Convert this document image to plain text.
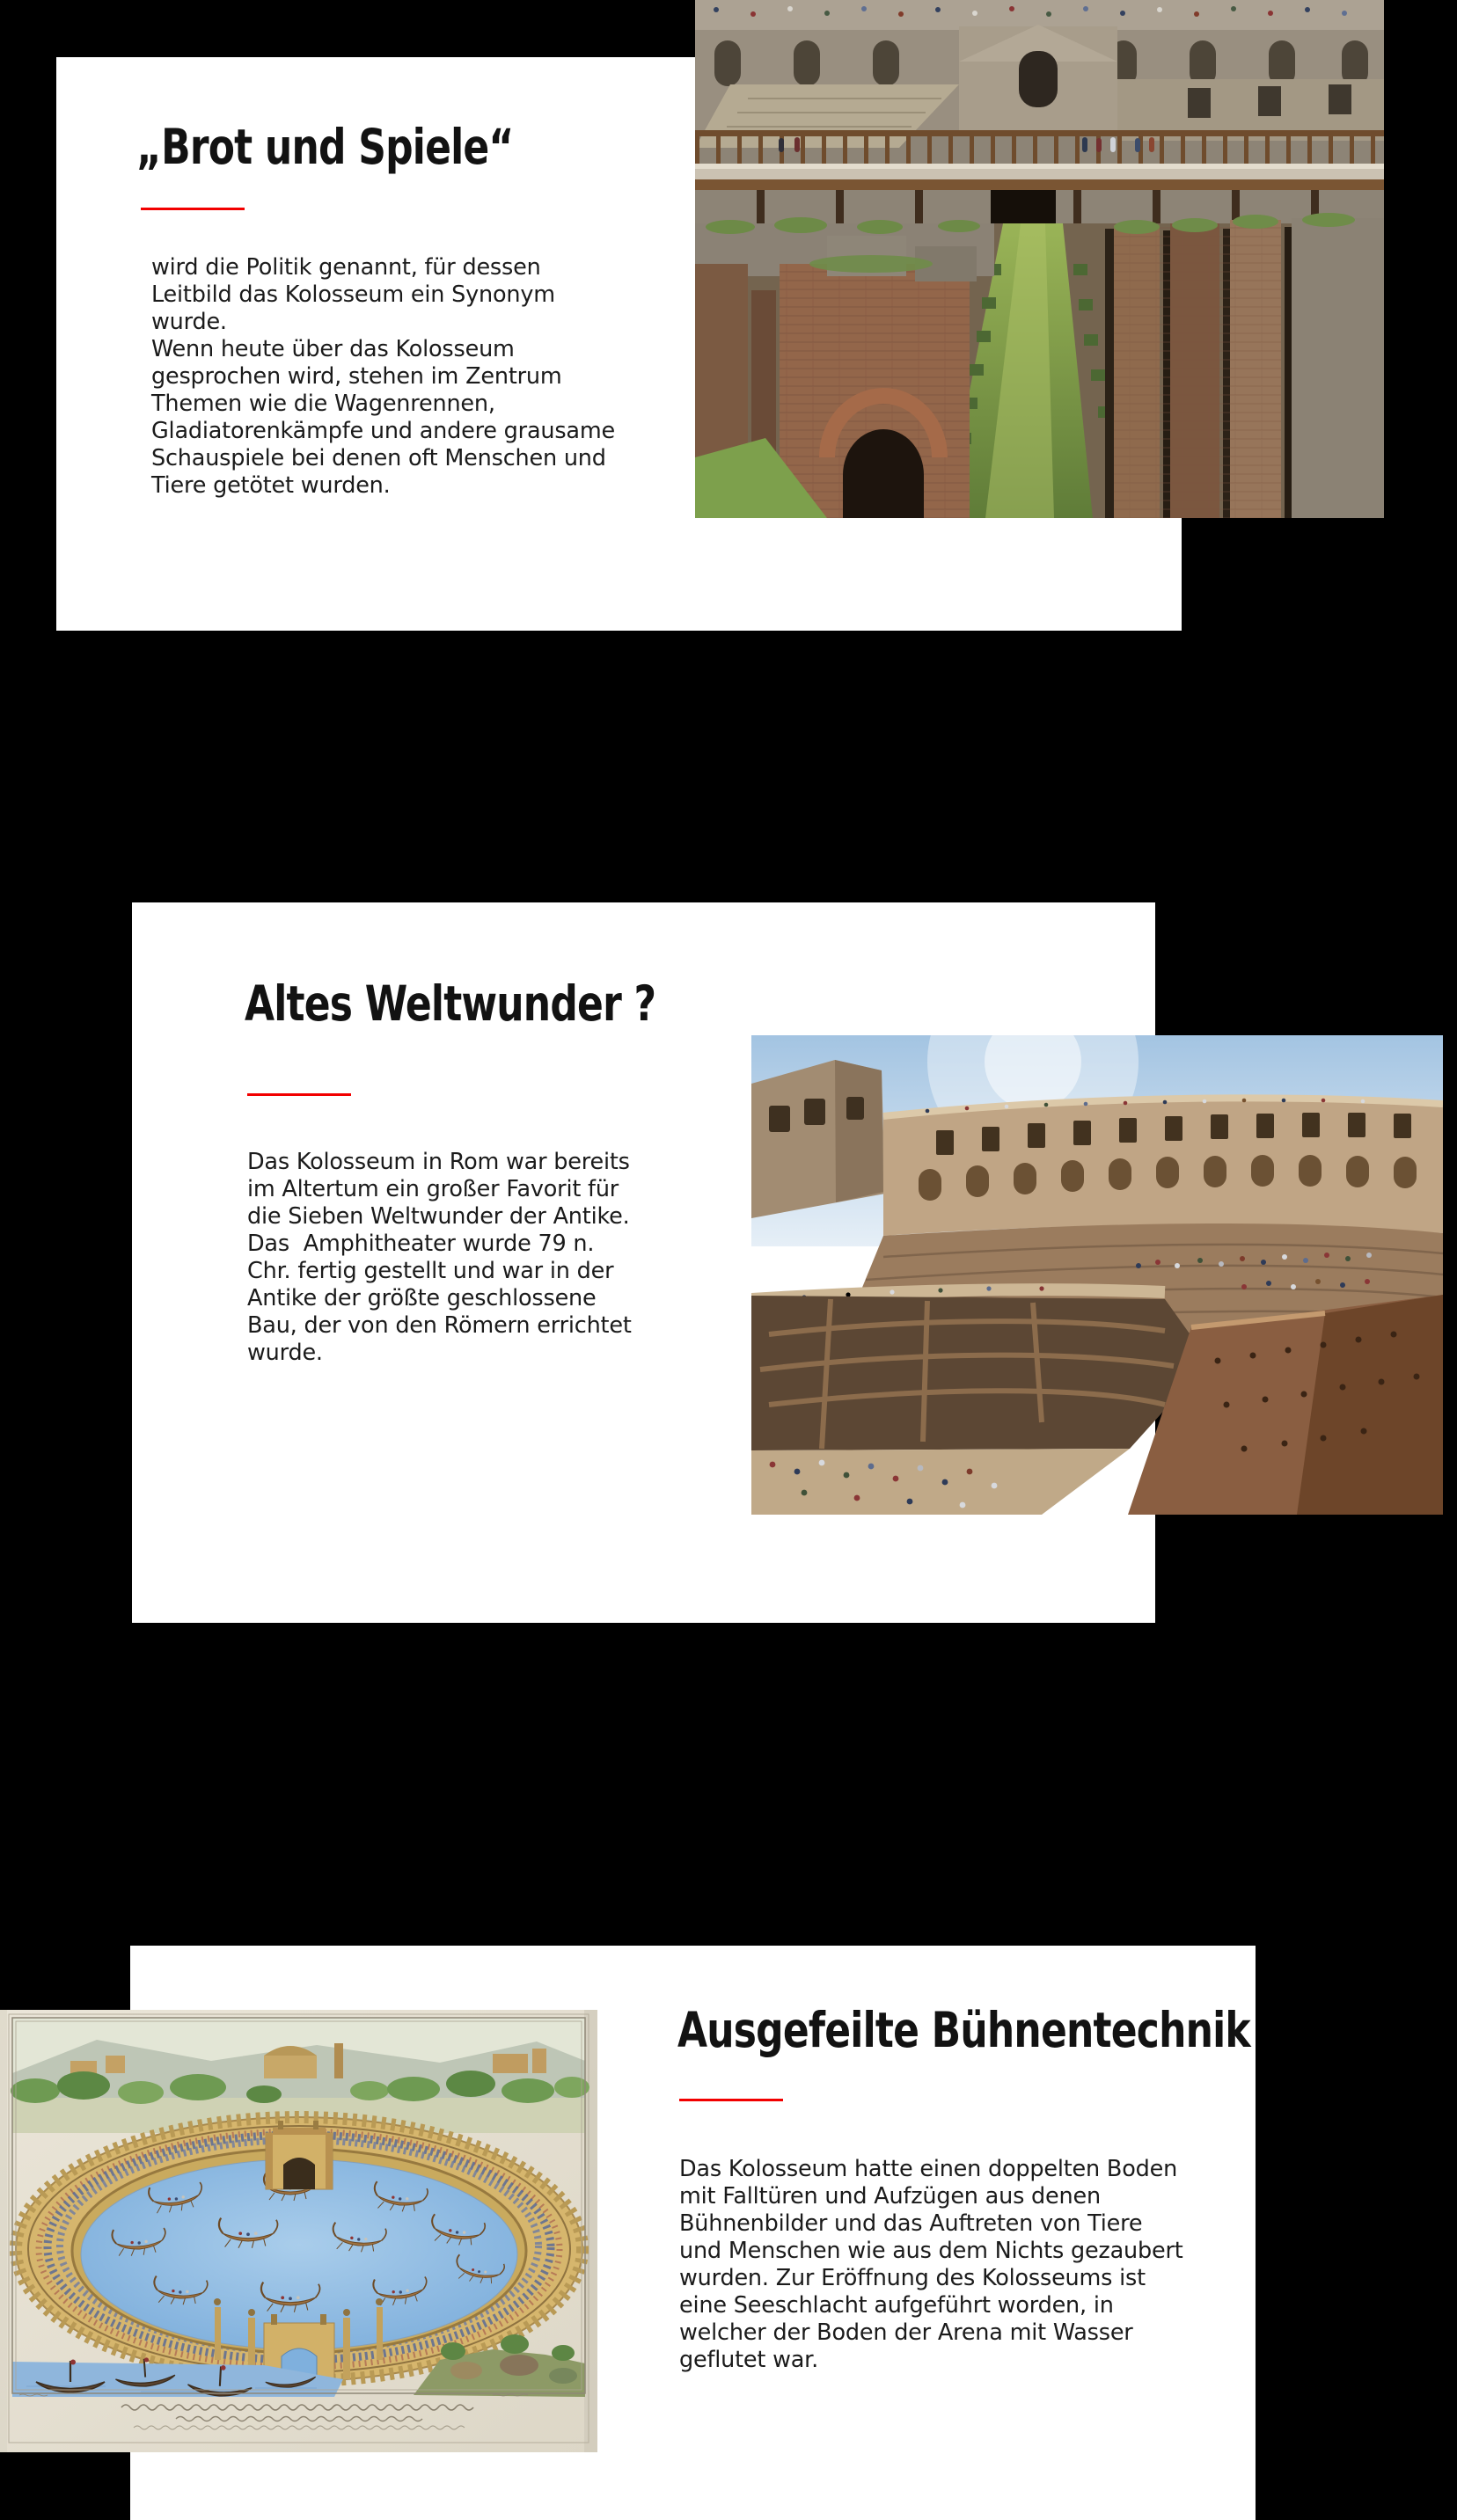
„Brot und Spiele“

wird die Politik genannt, für dessen
Leitbild das Kolosseum ein Synonym
wurde.
Wenn heute über das Kolosseum
gesprochen wird, stehen im Zentrum
Themen wie die Wagenrennen,
Gladiatorenkämpfe und andere grausame
Schauspiele bei denen oft Menschen und
Tiere getötet wurden.

Altes Weltwunder ?

Das Kolosseum in Rom war bereits
im Altertum ein großer Favorit für
die Sieben Weltwunder der Antike.
Das  Amphitheater wurde 79 n.
Chr. fertig gestellt und war in der
Antike der größte geschlossene
Bau, der von den Römern errichtet
wurde.

Ausgefeilte Bühnentechnik

Das Kolosseum hatte einen doppelten Boden
mit Falltüren und Aufzügen aus denen
Bühnenbilder und das Auftreten von Tiere
und Menschen wie aus dem Nichts gezaubert
wurden. Zur Eröffnung des Kolosseums ist
eine Seeschlacht aufgeführt worden, in
welcher der Boden der Arena mit Wasser
geflutet war.
